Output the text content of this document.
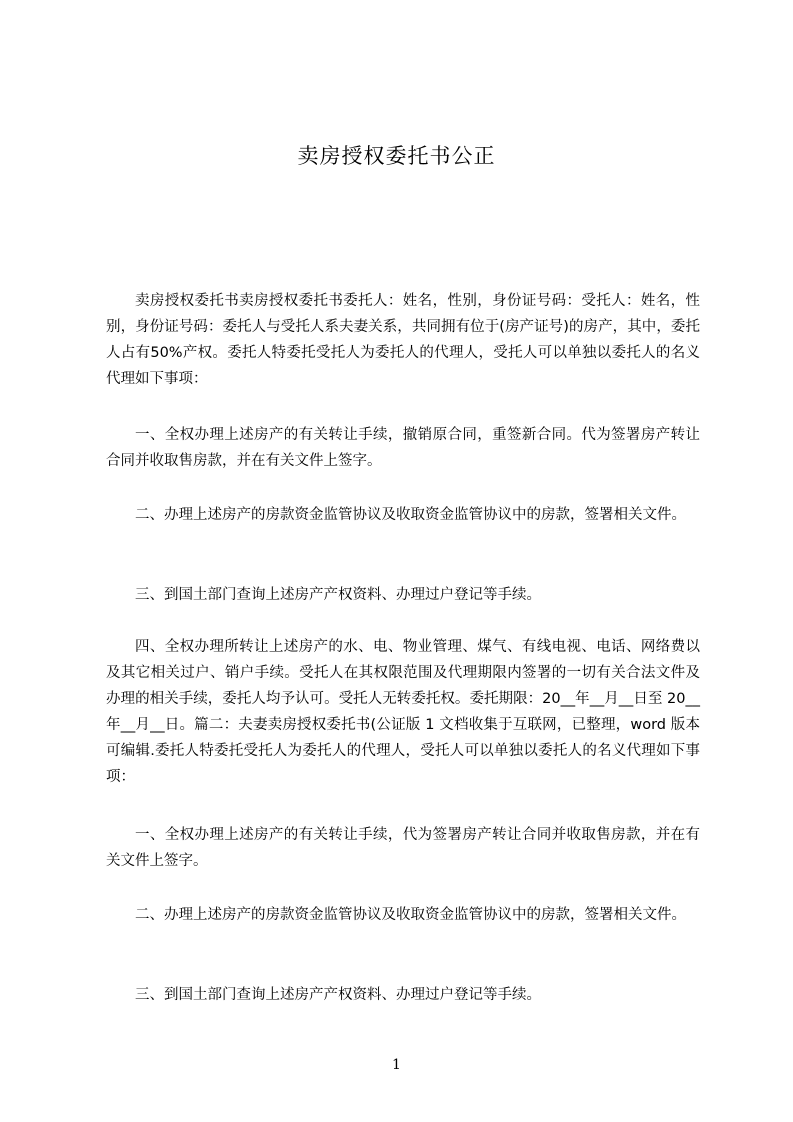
卖房授权委托书公正

卖房授权委托书卖房授权委托书委托人：姓名，性别，身份证号码：受托人：姓名，性别，身份证号码：委托人与受托人系夫妻关系，共同拥有位于(房产证号)的房产，其中，委托人占有50%产权。委托人特委托受托人为委托人的代理人，受托人可以单独以委托人的名义代理如下事项：

一、全权办理上述房产的有关转让手续，撤销原合同，重签新合同。代为签署房产转让合同并收取售房款，并在有关文件上签字。

二、办理上述房产的房款资金监管协议及收取资金监管协议中的房款，签署相关文件。

三、到国土部门查询上述房产产权资料、办理过户登记等手续。

四、全权办理所转让上述房产的水、电、物业管理、煤气、有线电视、电话、网络费以及其它相关过户、销户手续。受托人在其权限范围及代理期限内签署的一切有关合法文件及办理的相关手续，委托人均予认可。受托人无转委托权。委托期限：20__年__月__日至 20__年__月__日。篇二：夫妻卖房授权委托书(公证版 1 文档收集于互联网，已整理，word 版本可编辑.委托人特委托受托人为委托人的代理人，受托人可以单独以委托人的名义代理如下事项：

一、全权办理上述房产的有关转让手续，代为签署房产转让合同并收取售房款，并在有关文件上签字。

二、办理上述房产的房款资金监管协议及收取资金监管协议中的房款，签署相关文件。

三、到国土部门查询上述房产产权资料、办理过户登记等手续。

1
